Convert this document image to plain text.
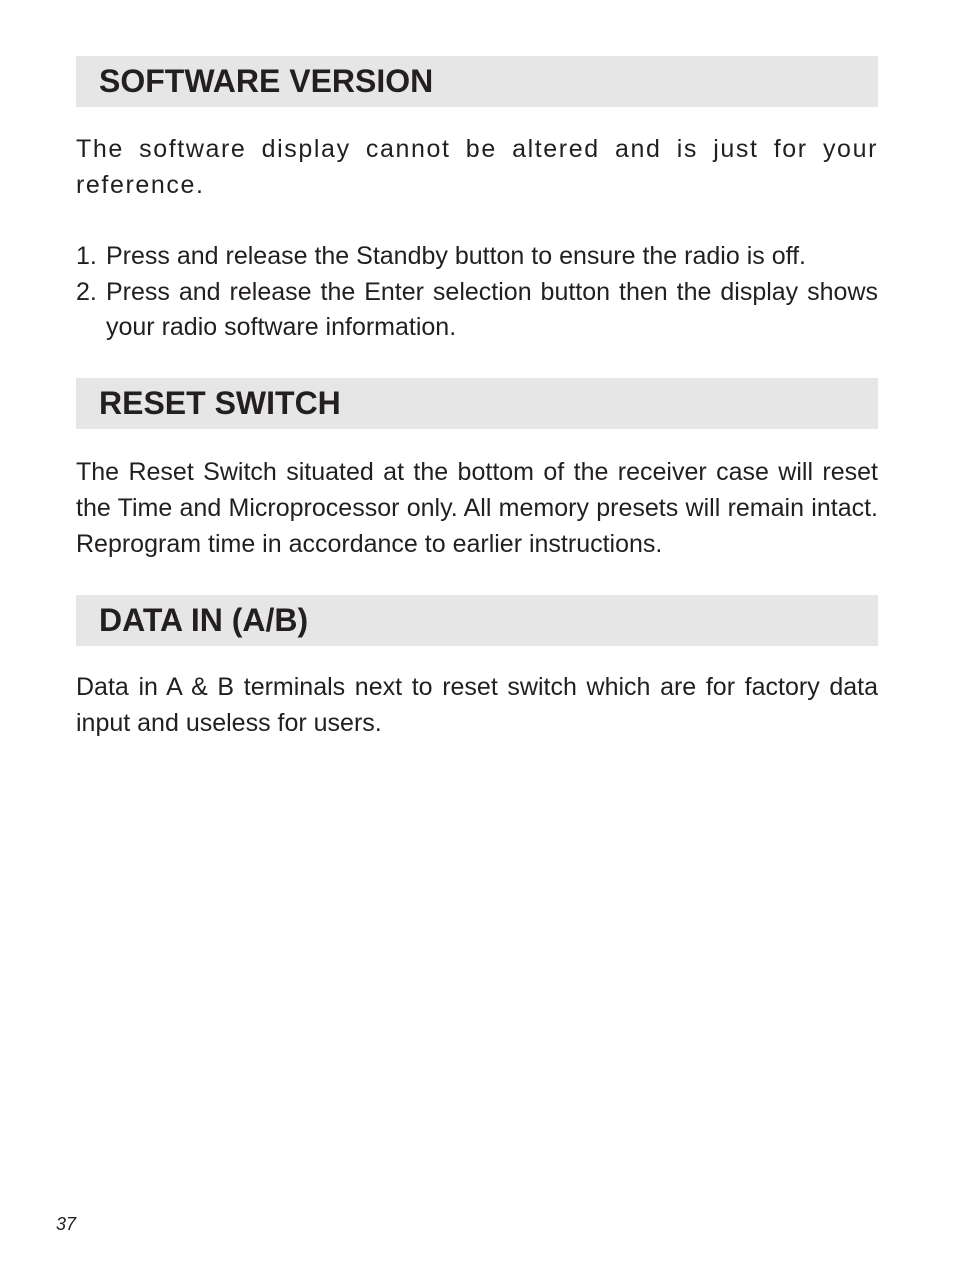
SOFTWARE VERSION

The software display cannot be altered and is just for your reference.

1. Press and release the Standby button to ensure the radio is off.
2. Press and release the Enter selection button then the display shows your radio software information.
RESET SWITCH

The Reset Switch situated at the bottom of the receiver case will reset the Time and Microprocessor only. All memory presets will remain intact. Reprogram time in accordance to earlier instructions.

DATA IN (A/B)

Data in A & B terminals next to reset switch which are for factory data input and useless for users.

37
